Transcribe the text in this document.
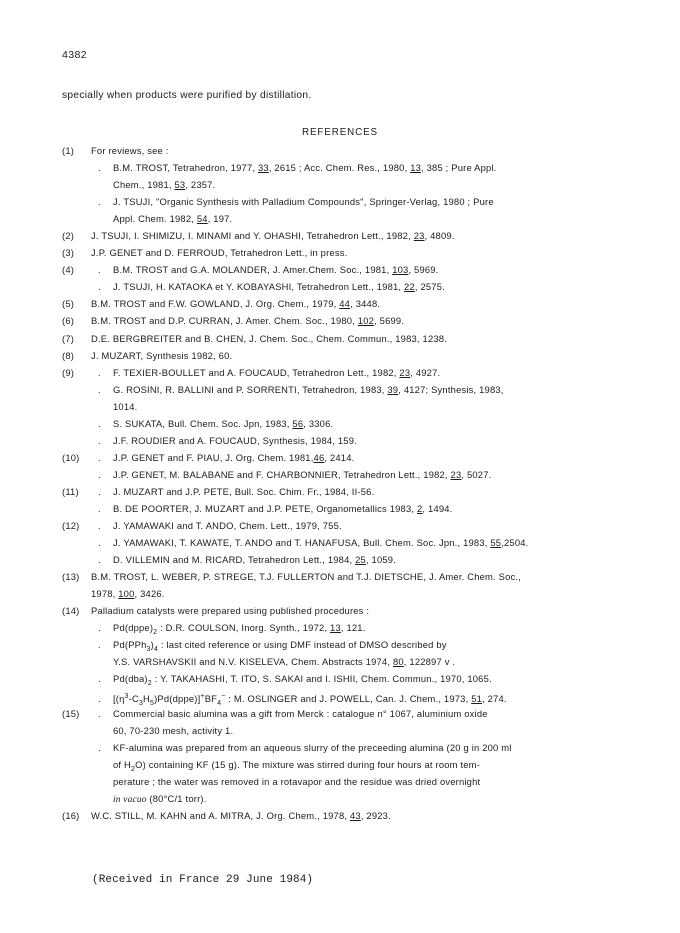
4382
specially when products were purified by distillation.
REFERENCES
(1) For reviews, see :
. B.M. TROST, Tetrahedron, 1977, 33, 2615 ; Acc. Chem. Res., 1980, 13, 385 ; Pure Appl.
Chem., 1981, 53, 2357.
. J. TSUJI, "Organic Synthesis with Palladium Compounds", Springer-Verlag, 1980 ; Pure
Appl. Chem. 1982, 54, 197.
(2) J. TSUJI, I. SHIMIZU, I. MINAMI and Y. OHASHI, Tetrahedron Lett., 1982, 23, 4809.
(3) J.P. GENET and D. FERROUD, Tetrahedron Lett., in press.
(4)	. B.M. TROST and G.A. MOLANDER, J. Amer.Chem. Soc., 1981, 103, 5969.
. J. TSUJI, H. KATAOKA et Y. KOBAYASHI, Tetrahedron Lett., 1981, 22, 2575.
(5) B.M. TROST and F.W. GOWLAND, J. Org. Chem., 1979, 44, 3448.
(6) B.M. TROST and D.P. CURRAN, J. Amer. Chem. Soc., 1980, 102, 5699.
(7) D.E. BERGBREITER and B. CHEN, J. Chem. Soc., Chem. Commun., 1983, 1238.
(8) J. MUZART, Synthesis 1982, 60.
(9)	. F. TEXIER-BOULLET and A. FOUCAUD, Tetrahedron Lett., 1982, 23, 4927.
. G. ROSINI, R. BALLINI and P. SORRENTI, Tetrahedron, 1983, 39, 4127; Synthesis, 1983,
1014.
. S. SUKATA, Bull. Chem. Soc. Jpn, 1983, 56, 3306.
. J.F. ROUDIER and A. FOUCAUD, Synthesis, 1984, 159.
(10) . J.P. GENET and F. PIAU, J. Org. Chem. 1981,46, 2414.
. J.P. GENET, M. BALABANE and F. CHARBONNIER, Tetrahedron Lett., 1982, 23, 5027.
(11) . J. MUZART and J.P. PETE, Bull. Soc. Chim. Fr., 1984, II-56.
. B. DE POORTER, J. MUZART and J.P. PETE, Organometallics 1983, 2, 1494.
(12) . J. YAMAWAKI and T. ANDO, Chem. Lett., 1979, 755.
. J. YAMAWAKI, T. KAWATE, T. ANDO and T. HANAFUSA, Bull. Chem. Soc. Jpn., 1983, 55,2504.
. D. VILLEMIN and M. RICARD, Tetrahedron Lett., 1984, 25, 1059.
(13) B.M. TROST, L. WEBER, P. STREGE, T.J. FULLERTON and T.J. DIETSCHE, J. Amer. Chem. Soc.,
1978, 100, 3426.
(14) Palladium catalysts were prepared using published procedures :
. $Pd(dppe)_2$ : D.R. COULSON, Inorg. Synth., 1972, 13, 121.
. $Pd(PPh_3)_4$ : last cited reference or using DMF instead of DMSO described by
Y.S. VARSHAVSKII and N.V. KISELEVA, Chem. Abstracts 1974, 80, 122897 v .
. $Pd(dba)_2$ : Y. TAKAHASHI, T. ITO, S. SAKAI and I. ISHII, Chem. Commun., 1970, 1065.
. $[(\eta^3-C_3H_5)Pd(dppe)]^+BF_4^-$ : M. OSLINGER and J. POWELL, Can. J. Chem., 1973, 51, 274.
(15) . Commercial basic alumina was a gift from Merck : catalogue n° 1067, aluminium oxide
60, 70-230 mesh, activity 1.
. KF-alumina was prepared from an aqueous slurry of the preceeding alumina (20 g in 200 ml
of $H_2O$) containing KF (15 g). The mixture was stirred during four hours at room tem-
perature ; the water was removed in a rotavapor and the residue was dried overnight
in vacuo (80°C/1 torr).
(16) W.C. STILL, M. KAHN and A. MITRA, J. Org. Chem., 1978, 43, 2923.
(Received in France 29 June 1984)
